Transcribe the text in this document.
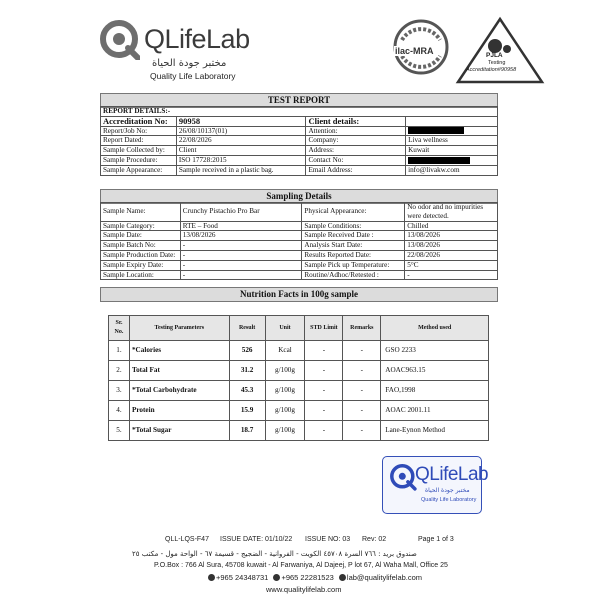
QLifeLab
مختبر جودة الحياة
Quality Life Laboratory
ilac-MRA	PJLA
Testing
Accreditation#90958
TEST REPORT
REPORT DETAILS:-			
Accreditation No:	90958	Client details:	
Report/Job No:	26/08/10137(01)	Attention:	
Report Dated:	22/08/2026	Company:	Liva wellness
Sample Collected by:	Client	Address:	Kuwait
Sample Procedure:	ISO 17728:2015	Contact No:	
Sample Appearance:	Sample received in a plastic bag.	Email Address:	info@livakw.com
Sampling Details
Sample Name:	Crunchy Pistachio Pro Bar	Physical Appearance:	No odor and no impurities were detected.
Sample Category:	RTE – Food	Sample Conditions:	Chilled
Sample Date:	13/08/2026	Sample Received Date :	13/08/2026
Sample Batch No:	-	Analysis Start Date:	13/08/2026
Sample Production Date:	-	Results Reported Date:	22/08/2026
Sample Expiry Date:	-	Sample Pick up Temperature:	5°C
Sample Location:	-	Routine/Adhoc/Retested :	-
Nutrition Facts in 100g sample
Sr. No.	Testing Parameters	Result	Unit	STD Limit	Remarks	Method used
1.	*Calories	526	Kcal	-	-	GSO 2233
2.	Total Fat	31.2	g/100g	-	-	AOAC963.15
3.	*Total Carbohydrate	45.3	g/100g	-	-	FAO,1998
4.	Protein	15.9	g/100g	-	-	AOAC 2001.11
5.	*Total Sugar	18.7	g/100g	-	-	Lane-Eynon Method
QLifeLab
مختبر جودة الحياة
Quality Life Laboratory
QLL-LQS-F47 ISSUE DATE: 01/10/22 ISSUE NO: 03 Rev: 02	Page 1 of 3
صندوق بريد : ٧٦٦ السرة ٤٥٧٠٨ الكويت - الفروانية - الضجيج - قسيمة ٦٧ - الواحة مول - مكتب ٢٥
P.O.Box : 766 Al Sura, 45708 kuwait - Al Farwaniya, Al Dajeej, P lot 67, Al Waha Mall, Office 25
+965 24348731 +965 22281523 lab@qualitylifelab.com
www.qualitylifelab.com
